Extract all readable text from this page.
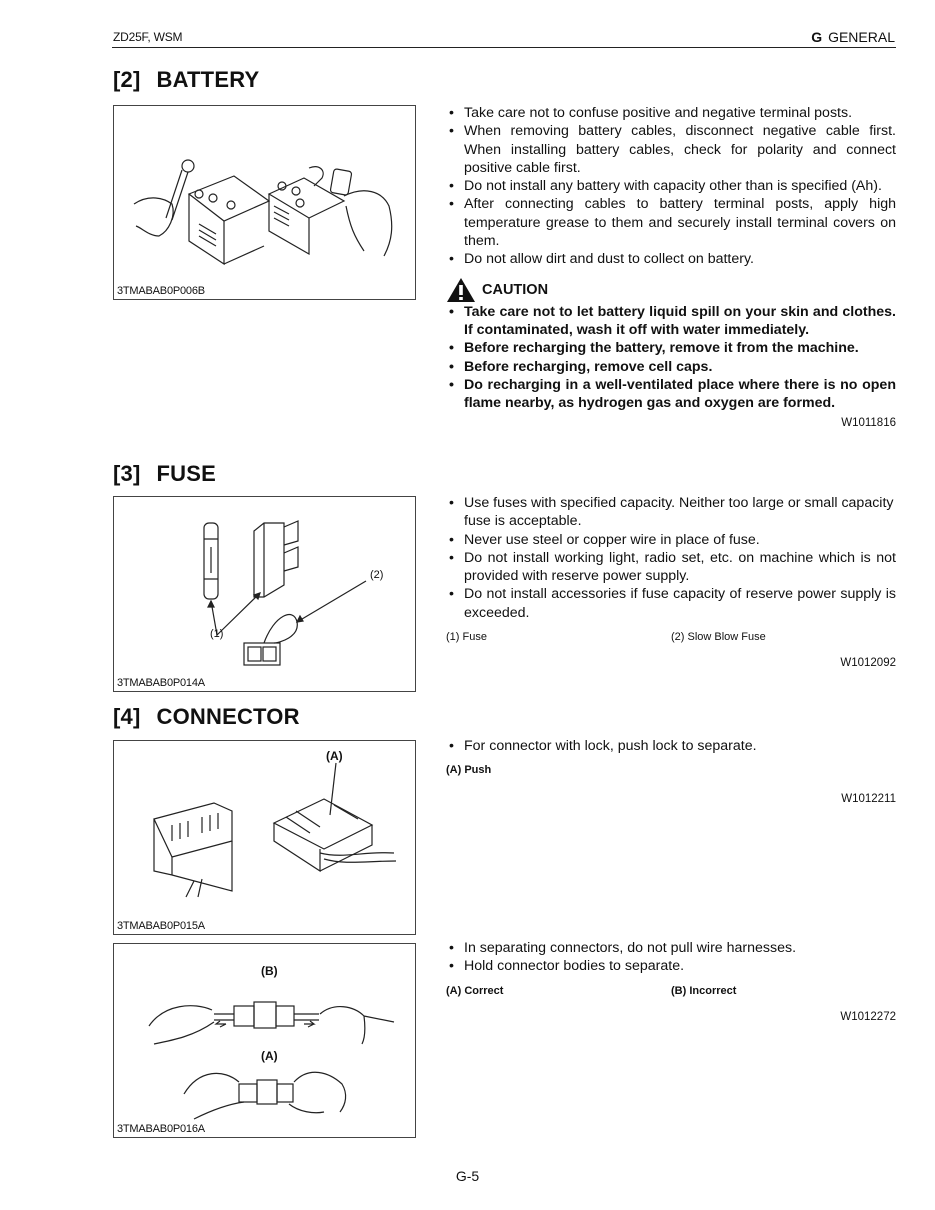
ZD25F, WSM	G GENERAL
[2] BATTERY
3TMABAB0P006B
• Take care not to confuse positive and negative terminal posts.
• When removing battery cables, disconnect negative cable first. When installing battery cables, check for polarity and connect positive cable first.
• Do not install any battery with capacity other than is specified (Ah).
• After connecting cables to battery terminal posts, apply high temperature grease to them and securely install terminal covers on them.
• Do not allow dirt and dust to collect on battery.
CAUTION
• Take care not to let battery liquid spill on your skin and clothes. If contaminated, wash it off with water immediately.
• Before recharging the battery, remove it from the machine.
• Before recharging, remove cell caps.
• Do recharging in a well-ventilated place where there is no open flame nearby, as hydrogen gas and oxygen are formed.
W1011816
[3] FUSE
(2)
(1)
3TMABAB0P014A
• Use fuses with specified capacity. Neither too large or small capacity fuse is acceptable.
• Never use steel or copper wire in place of fuse.
• Do not install working light, radio set, etc. on machine which is not provided with reserve power supply.
• Do not install accessories if fuse capacity of reserve power supply is exceeded.
(1) Fuse	(2) Slow Blow Fuse
W1012092
[4] CONNECTOR
(A)
3TMABAB0P015A
• For connector with lock, push lock to separate.
(A) Push
W1012211
(B)
(A)
3TMABAB0P016A
• In separating connectors, do not pull wire harnesses.
• Hold connector bodies to separate.
(A) Correct	(B) Incorrect
W1012272
G-5
